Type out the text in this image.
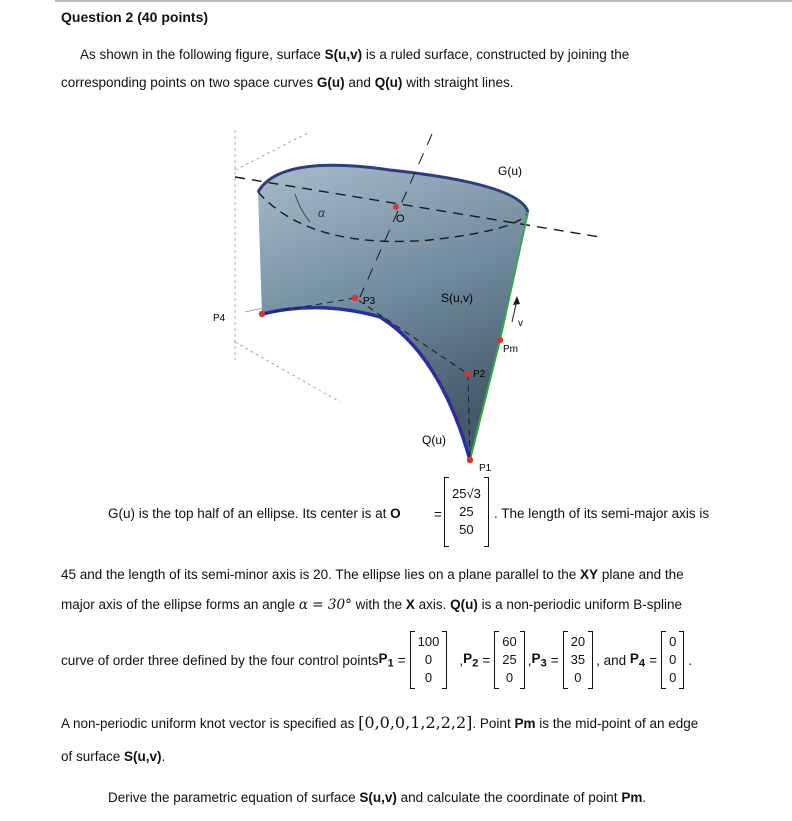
Question 2 (40 points)
As shown in the following figure, surface S(u,v) is a ruled surface, constructed by joining the
corresponding points on two space curves G(u) and Q(u) with straight lines.
G(u)
Q(u)
S(u,v)
α	O
v
P1
P2
P3
P4
Pm
G(u) is the top half of an ellipse. Its center is at O =
25√3
25
50
. The length of its semi-major axis is
45 and the length of its semi-minor axis is 20. The ellipse lies on a plane parallel to the XY plane and the
major axis of the ellipse forms an angle α = 30° with the X axis. Q(u) is a non-periodic uniform B-spline
curve of order three defined by the four control points $P_1$ =
100
0
0
, $P_2$ =
60
25
0
, $P_3$ =
20
35
0
, and $P_4$ =
0
0
0
.
A non-periodic uniform knot vector is specified as [0,0,0,1,2,2,2]. Point Pm is the mid-point of an edge
of surface S(u,v).
Derive the parametric equation of surface S(u,v) and calculate the coordinate of point Pm.
